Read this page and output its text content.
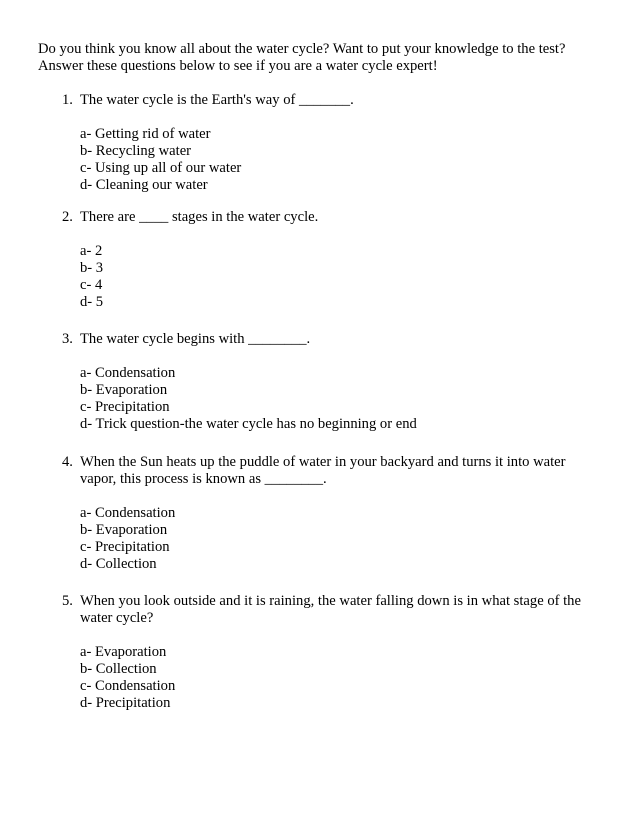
Do you think you know all about the water cycle? Want to put your knowledge to the test?

Answer these questions below to see if you are a water cycle expert!

1. The water cycle is the Earth's way of _______.
a- Getting rid of water
b- Recycling water
c- Using up all of our water
d- Cleaning our water
2. There are ____ stages in the water cycle.
a- 2
b- 3
c- 4
d- 5
3. The water cycle begins with ________.
a- Condensation
b- Evaporation
c- Precipitation
d- Trick question-the water cycle has no beginning or end
4. When the Sun heats up the puddle of water in your backyard and turns it into water vapor, this process is known as ________.
a- Condensation
b- Evaporation
c- Precipitation
d- Collection
5. When you look outside and it is raining, the water falling down is in what stage of the water cycle?
a- Evaporation
b- Collection
c- Condensation
d- Precipitation
